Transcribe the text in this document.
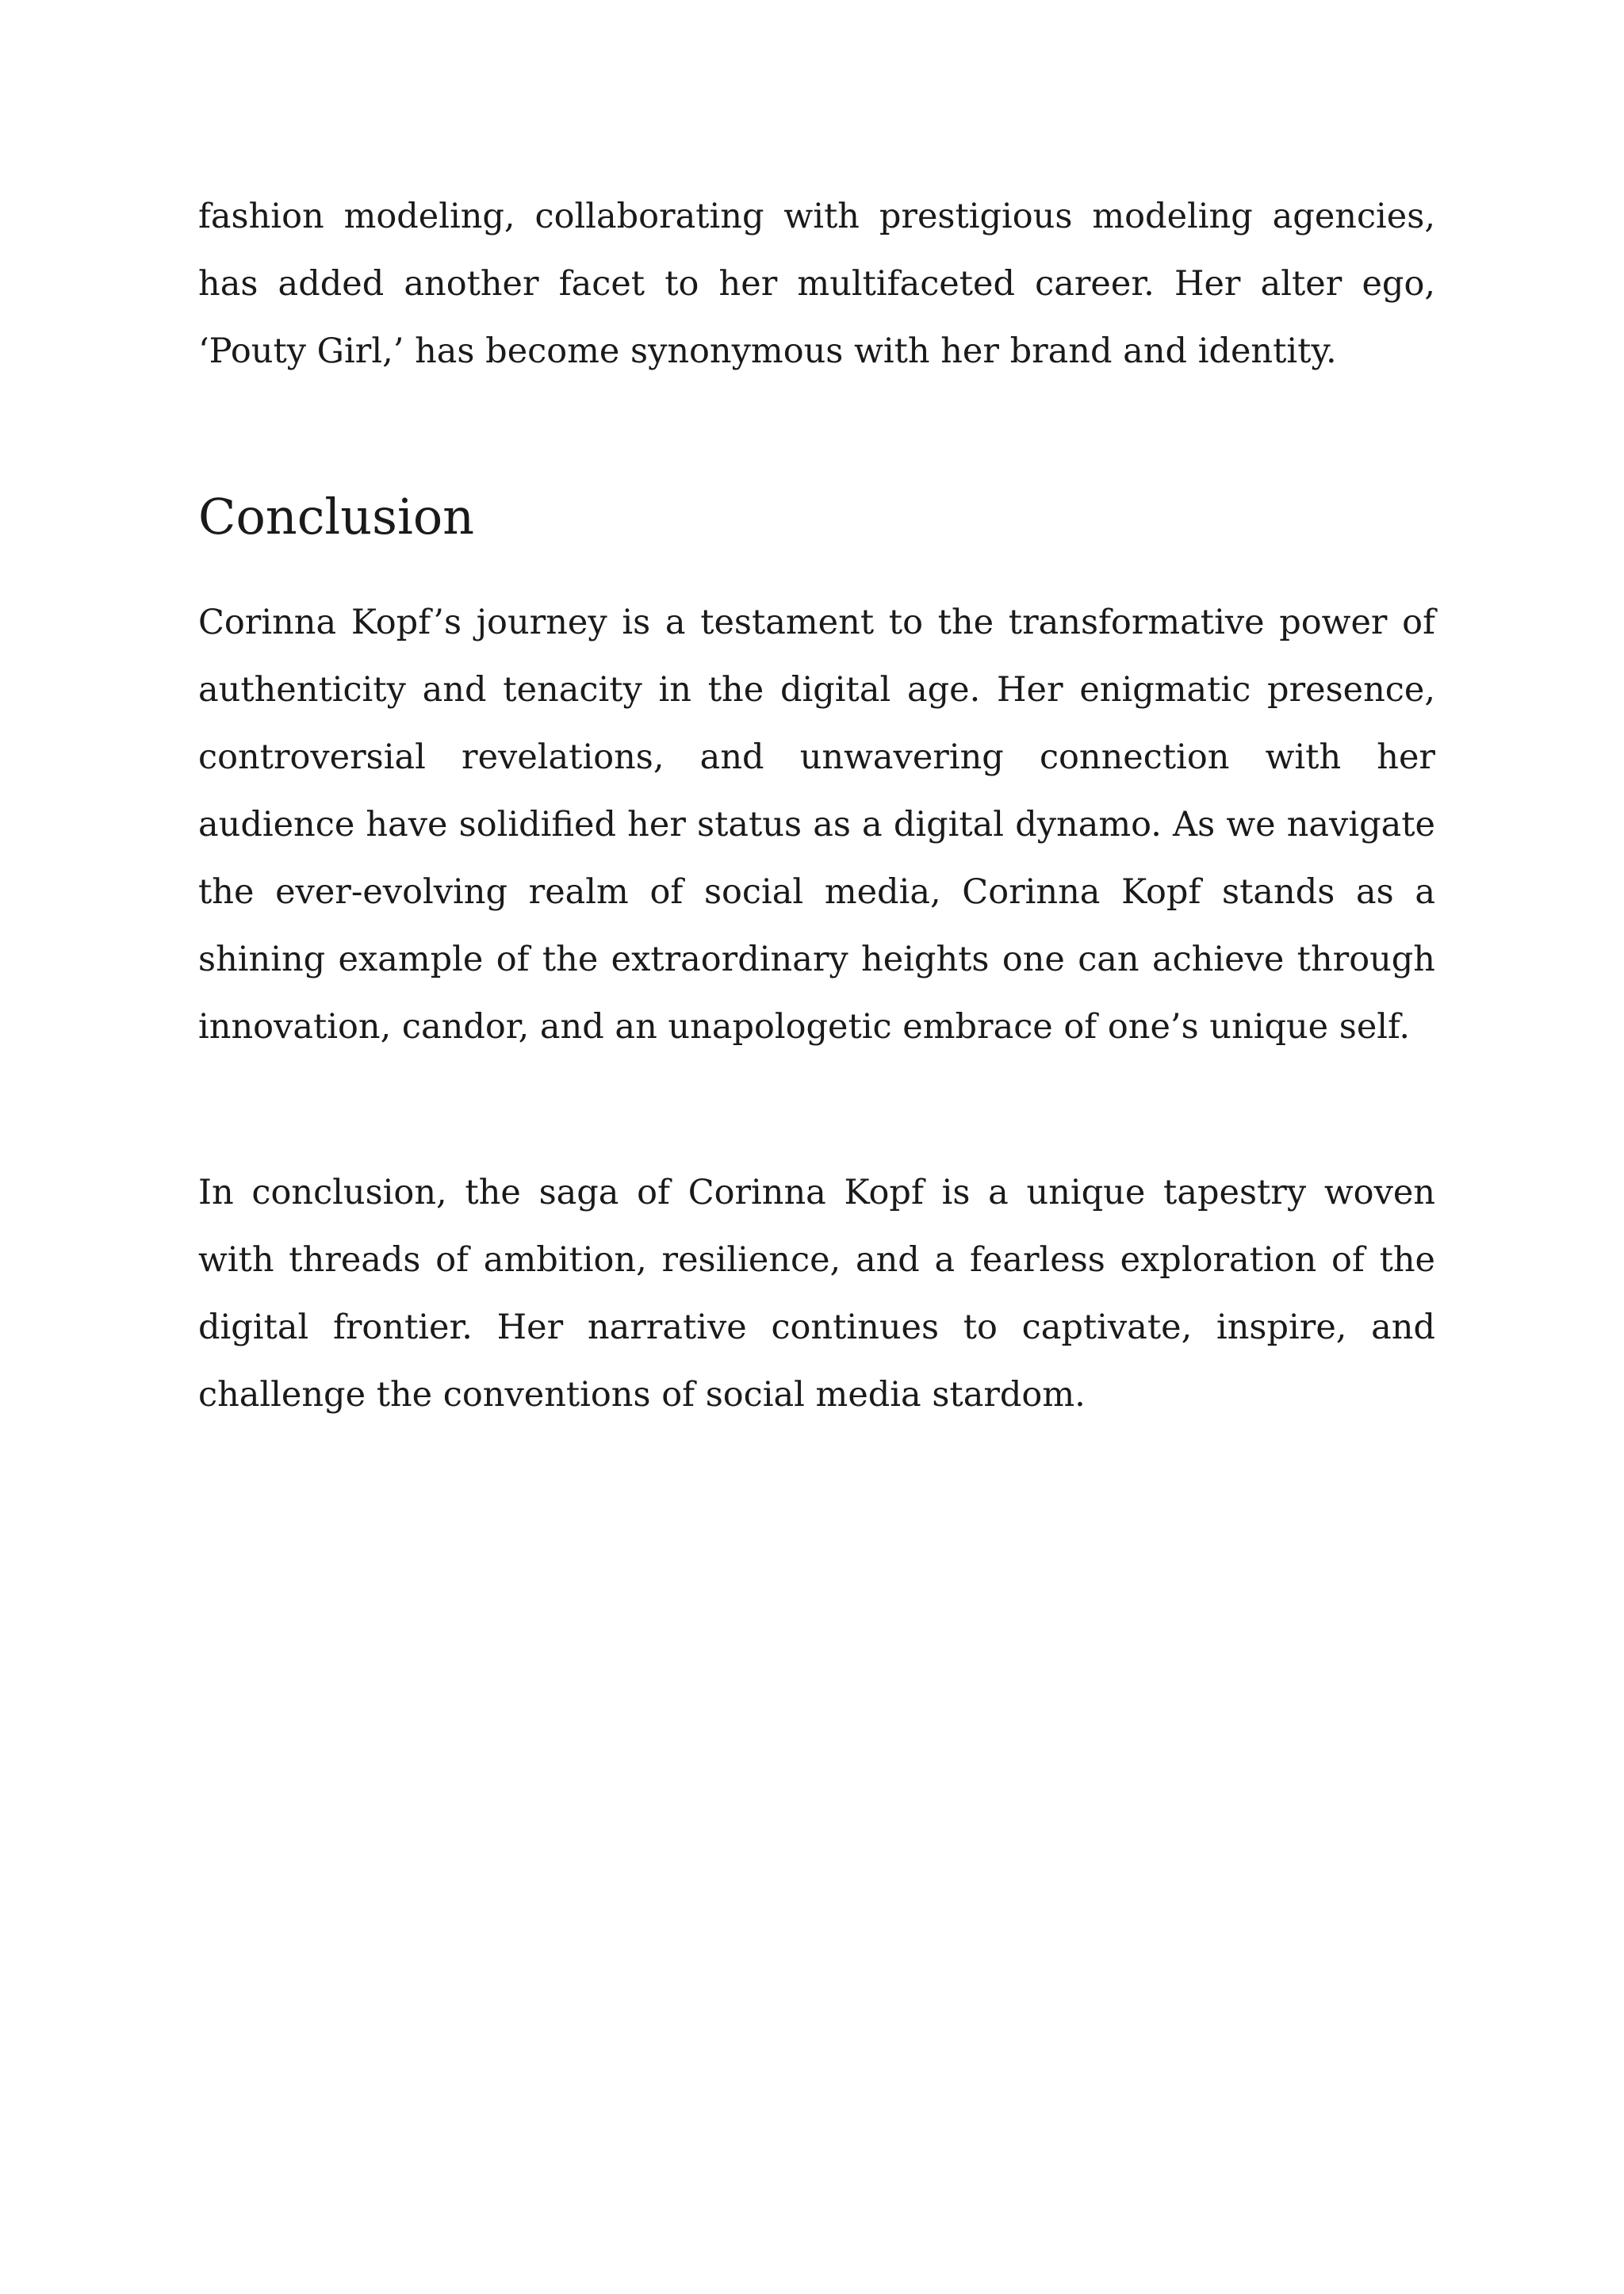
fashion modeling, collaborating with prestigious modeling agencies, has added another facet to her multifaceted career. Her alter ego, ‘Pouty Girl,’ has become synonymous with her brand and identity.

Conclusion

Corinna Kopf’s journey is a testament to the transformative power of authenticity and tenacity in the digital age. Her enigmatic presence, controversial revelations, and unwavering connection with her audience have solidified her status as a digital dynamo. As we navigate the ever-evolving realm of social media, Corinna Kopf stands as a shining example of the extraordinary heights one can achieve through innovation, candor, and an unapologetic embrace of one’s unique self.

In conclusion, the saga of Corinna Kopf is a unique tapestry woven with threads of ambition, resilience, and a fearless exploration of the digital frontier. Her narrative continues to captivate, inspire, and challenge the conventions of social media stardom.
